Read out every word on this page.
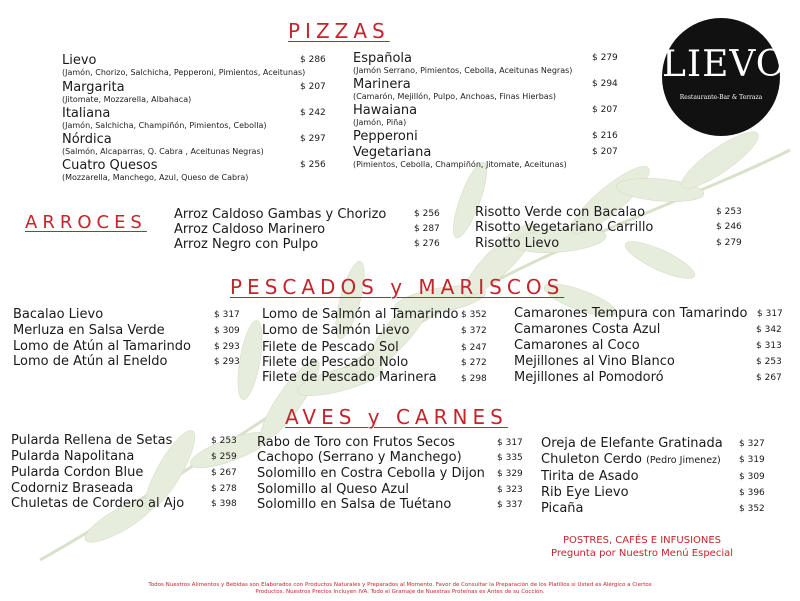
LIEVO
Restaurante-Bar & Terraza
PIZZAS
Lievo
(Jamón, Chorizo, Salchicha, Pepperoni, Pimientos, Aceitunas)
$ 286
Margarita
(Jitomate, Mozzarella, Albahaca)
$ 207
Italiana
(Jamón, Salchicha, Champiñón, Pimientos, Cebolla)
$ 242
Nórdica
(Salmón, Alcaparras, Q. Cabra , Aceitunas Negras)
$ 297
Cuatro Quesos
(Mozzarella, Manchego, Azul, Queso de Cabra)
$ 256
Española
(Jamón Serrano, Pimientos, Cebolla, Aceitunas Negras)
$ 279
Marinera
(Camarón, Mejillón, Pulpo, Anchoas, Finas Hierbas)
$ 294
Hawaiana
(Jamón, Piña)
$ 207
Pepperoni	$ 216
Vegetariana
(Pimientos, Cebolla, Champiñón, Jitomate, Aceitunas)
$ 207
ARROCES Arroz Caldoso Gambas y Chorizo	$ 256
Arroz Caldoso Marinero	$ 287
Arroz Negro con Pulpo	$ 276
Risotto Verde con Bacalao	$ 253
Risotto Vegetariano Carrillo	$ 246
Risotto Lievo	$ 279
PESCADOS y MARISCOS
Bacalao Lievo	$ 317
Merluza en Salsa Verde	$ 309
Lomo de Atún al Tamarindo	$ 293
Lomo de Atún al Eneldo	$ 293
Lomo de Salmón al Tamarindo $ 352
Lomo de Salmón Lievo	$ 372
Filete de Pescado Sol	$ 247
Filete de Pescado Nolo	$ 272
Filete de Pescado Marinera	$ 298
Camarones Tempura con Tamarindo $ 317
Camarones Costa Azul	$ 342
Camarones al Coco	$ 313
Mejillones al Vino Blanco	$ 253
Mejillones al Pomodoró	$ 267
AVES y CARNES
Pularda Rellena de Setas	$ 253
Pularda Napolitana	$ 259
Pularda Cordon Blue	$ 267
Codorniz Braseada	$ 278
Chuletas de Cordero al Ajo	$ 398
Rabo de Toro con Frutos Secos	$ 317
Cachopo (Serrano y Manchego)	$ 335
Solomillo en Costra Cebolla y Dijon $ 329
Solomillo al Queso Azul	$ 323
Solomillo en Salsa de Tuétano	$ 337
Oreja de Elefante Gratinada $ 327
Chuleton Cerdo (Pedro Jimenez) $ 319
Tirita de Asado	$ 309
Rib Eye Lievo	$ 396
Picaña	$ 352
POSTRES, CAFÉS E INFUSIONES
Pregunta por Nuestro Menú Especial
Todos Nuestros Alimentos y Bebidas son Elaborados con Productos Naturales y Preparados al Momento. Favor de Consultar la Preparación de los Platillos si Usted es Alérgico a Ciertos
Productos. Nuestros Precios Incluyen IVA. Todo el Gramaje de Nuestras Proteínas es Antes de su Cocción.
